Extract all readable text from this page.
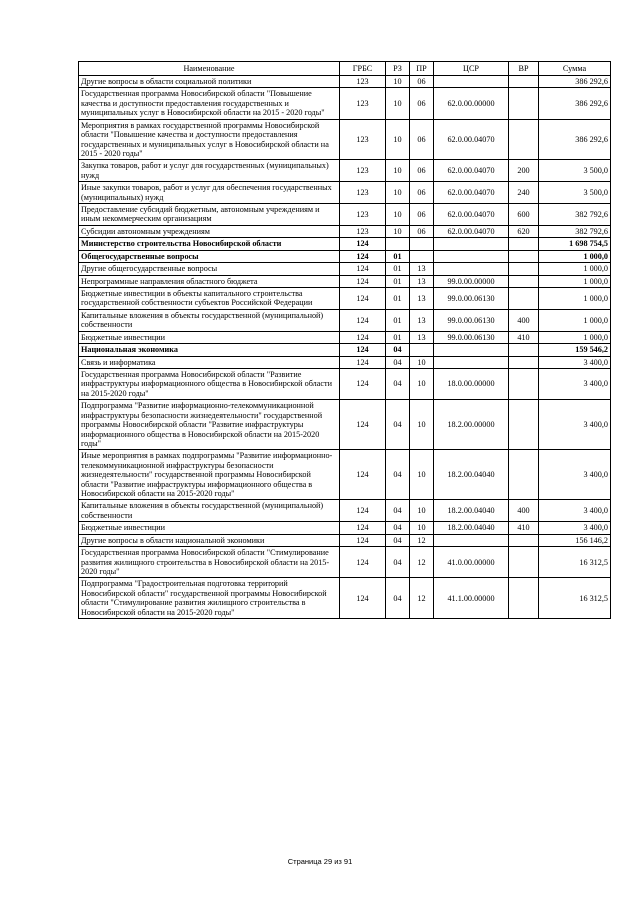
Наименование	ГРБС	РЗ	ПР	ЦСР	ВР	Сумма
Другие вопросы в области социальной политики	123	10	06			386 292,6
Государственная программа Новосибирской области "Повышение качества и доступности предоставления государственных и муниципальных услуг в Новосибирской области на 2015 - 2020 годы"	123	10	06	62.0.00.00000		386 292,6
Мероприятия в рамках государственной программы Новосибирской области "Повышение качества и доступности предоставления государственных и муниципальных услуг в Новосибирской области на 2015 - 2020 годы"	123	10	06	62.0.00.04070		386 292,6
Закупка товаров, работ и услуг для государственных (муниципальных) нужд	123	10	06	62.0.00.04070	200	3 500,0
Иные закупки товаров, работ и услуг для обеспечения государственных (муниципальных) нужд	123	10	06	62.0.00.04070	240	3 500,0
Предоставление субсидий бюджетным, автономным учреждениям и иным некоммерческим организациям	123	10	06	62.0.00.04070	600	382 792,6
Субсидии автономным учреждениям	123	10	06	62.0.00.04070	620	382 792,6
Министерство строительства Новосибирской области	124					1 698 754,5
Общегосударственные вопросы	124	01				1 000,0
Другие общегосударственные вопросы	124	01	13			1 000,0
Непрограммные направления областного бюджета	124	01	13	99.0.00.00000		1 000,0
Бюджетные инвестиции в объекты капитального строительства государственной собственности субъектов Российской Федерации	124	01	13	99.0.00.06130		1 000,0
Капитальные вложения в объекты государственной (муниципальной) собственности	124	01	13	99.0.00.06130	400	1 000,0
Бюджетные инвестиции	124	01	13	99.0.00.06130	410	1 000,0
Национальная экономика	124	04				159 546,2
Связь и информатика	124	04	10			3 400,0
Государственная программа Новосибирской области "Развитие инфраструктуры информационного общества в Новосибирской области на 2015-2020 годы"	124	04	10	18.0.00.00000		3 400,0
Подпрограмма "Развитие информационно-телекоммуникационной инфраструктуры безопасности жизнедеятельности" государственной программы Новосибирской области "Развитие инфраструктуры информационного общества в Новосибирской области на 2015-2020 годы"	124	04	10	18.2.00.00000		3 400,0
Иные мероприятия в рамках подпрограммы "Развитие информационно-телекоммуникационной инфраструктуры безопасности жизнедеятельности" государственной программы Новосибирской области "Развитие инфраструктуры информационного общества в Новосибирской области на 2015-2020 годы"	124	04	10	18.2.00.04040		3 400,0
Капитальные вложения в объекты государственной (муниципальной) собственности	124	04	10	18.2.00.04040	400	3 400,0
Бюджетные инвестиции	124	04	10	18.2.00.04040	410	3 400,0
Другие вопросы в области национальной экономики	124	04	12			156 146,2
Государственная программа Новосибирской области "Стимулирование развития жилищного строительства в Новосибирской области на 2015-2020 годы"	124	04	12	41.0.00.00000		16 312,5
Подпрограмма "Градостроительная подготовка территорий Новосибирской области" государственной программы Новосибирской области "Стимулирование развития жилищного строительства в Новосибирской области на 2015-2020 годы"	124	04	12	41.1.00.00000		16 312,5
Страница 29 из 91
